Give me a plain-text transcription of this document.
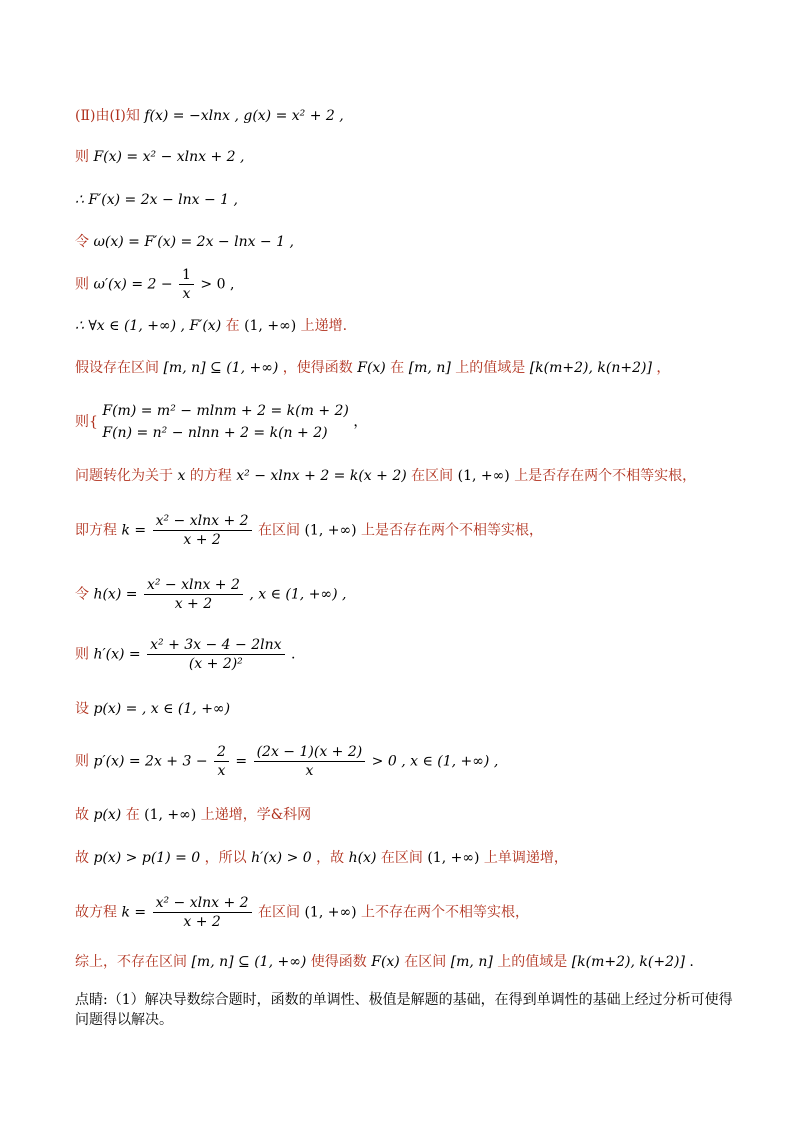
(Ⅱ)由(Ⅰ)知 f(x) = −xlnx , g(x) = x² + 2 ,
则 F(x) = x² − xlnx + 2 ,
∴ F′(x) = 2x − lnx − 1 ,
令 ω(x) = F′(x) = 2x − lnx − 1 ,
则 $\omega'(x) = 2 - \frac{1}{x} > 0$ ,
∴ ∀x ∈ (1, +∞) , F′(x) 在 (1, +∞) 上递增.
假设存在区间 [m, n] ⊆ (1, +∞) ，使得函数 F(x) 在 [m, n] 上的值域是 [k(m+2), k(n+2)] ，
则{
F(m) = m² − mlnm + 2 = k(m + 2)
F(n) = n² − nlnn + 2 = k(n + 2)
，
问题转化为关于 x 的方程 x² − xlnx + 2 = k(x + 2) 在区间 (1, +∞) 上是否存在两个不相等实根，
即方程 $k = \frac{\text{x² − xlnx + 2}}{x + 2}$ 在区间 (1, +∞) 上是否存在两个不相等实根，
令 $h(x) = \frac{\text{x² − xlnx + 2}}{x + 2}$ , x ∈ (1, +∞) ,
则 $h'(x) = \frac{\text{x² + 3x − 4 − 2lnx}}{\text{(x + 2)²}}$ .
设 p(x) = , x ∈ (1, +∞)
则 $p'(x) = 2x + 3 - \frac{2}{x} = \frac{(2x - 1)(x + 2)}{x} > 0$ , x ∈ (1, +∞) ,
故 p(x) 在 (1, +∞) 上递增，学&科网
故 p(x) > p(1) = 0 ，所以 h′(x) > 0 ，故 h(x) 在区间 (1, +∞) 上单调递增，
故方程 $k = \frac{\text{x² − xlnx + 2}}{x + 2}$ 在区间 (1, +∞) 上不存在两个不相等实根，
综上，不存在区间 [m, n] ⊆ (1, +∞) 使得函数 F(x) 在区间 [m, n] 上的值域是 [k(m+2), k(+2)] .
点睛:（1）解决导数综合题时，函数的单调性、极值是解题的基础，在得到单调性的基础上经过分析可使得问题得以解决。
